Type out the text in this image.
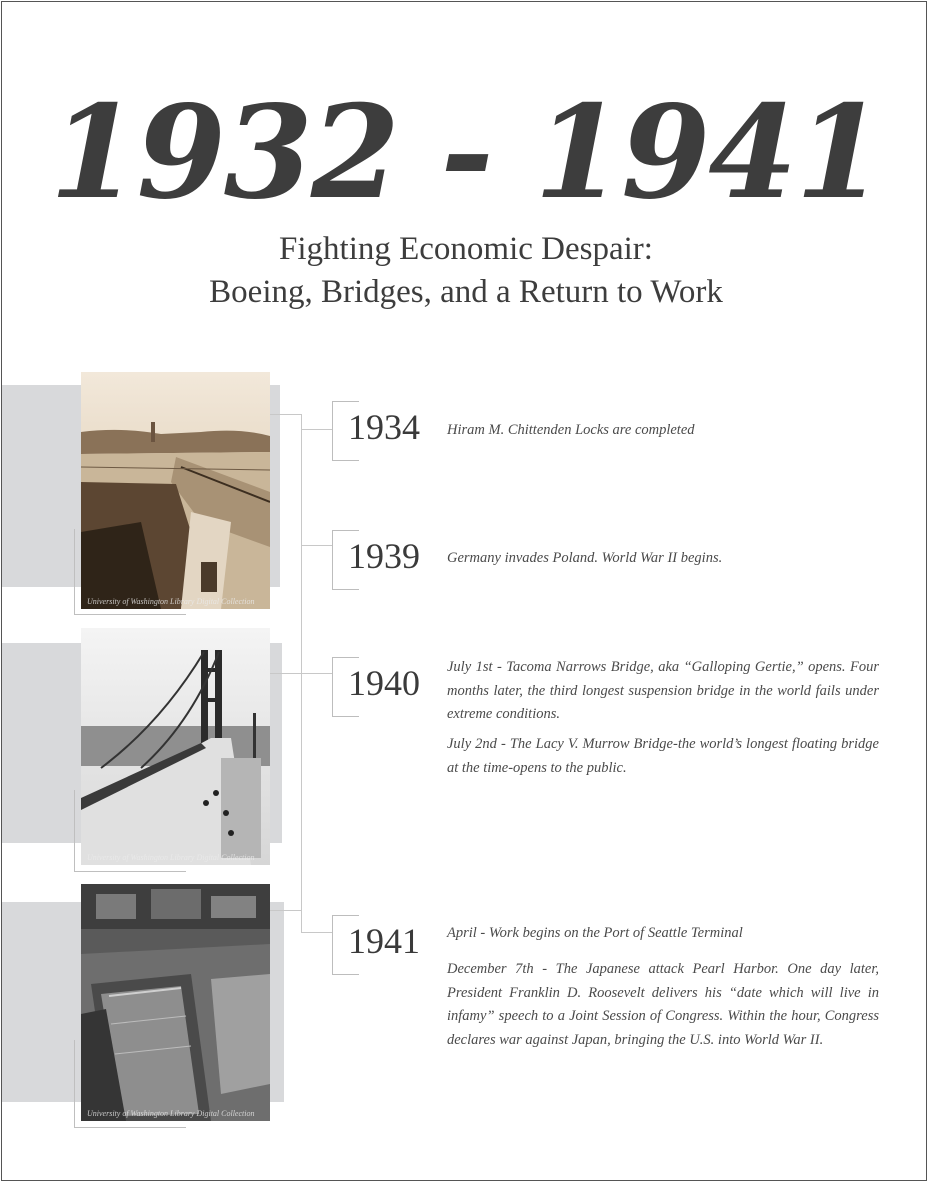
1932 - 1941
Fighting Economic Despair:
Boeing, Bridges, and a Return to Work
University of Washington Library Digital Collection
University of Washington Library Digital Collection
University of Washington Library Digital Collection
1934
1939
1940
1941
Hiram M. Chittenden Locks are completed
Germany invades Poland. World War II begins.
July 1st - Tacoma Narrows Bridge, aka “Galloping Gertie,” opens. Four months later, the third longest suspension bridge in the world fails under extreme conditions.
July 2nd - The Lacy V. Murrow Bridge-the world’s longest floating bridge at the time-opens to the public.
April - Work begins on the Port of Seattle Terminal
December 7th - The Japanese attack Pearl Harbor. One day later, President Franklin D. Roosevelt delivers his “date which will live in infamy” speech to a Joint Session of Congress. Within the hour, Congress declares war against Japan, bringing the U.S. into World War II.
